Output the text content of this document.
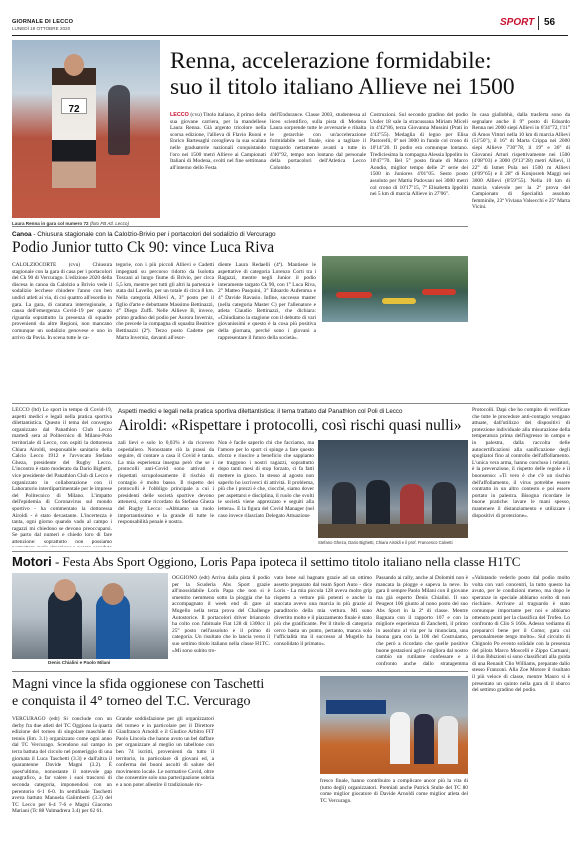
GIORNALE DI LECCO
LUNEDÌ 19 OTTOBRE 2020
SPORT 56
72
Laura Renna in gara col numero 72 (foto FB Atl. Lecco)
Renna, accelerazione formidabile:
suo il titolo italiano Allieve nei 1500
LECCO (cvu) Titolo italiano, il primo della sua giovane carriera, per la mandellese Laura Renna. Già argento tricolore nella scorsa edizione, l'allieva di Flavio Ruoni e Enrico Bartesaghi coroglieva la sua scalata nelle graduatorie nazionali conquistando l'oro nei 1500 metri Allieve ai Campionati Italiani di Modena, svolti nel fine settimana all'interno dello Festa
dell'Endurance. Classe 2003, studentessa al liceo scientifico, sulla pista di Modena Laura sorprende tutte le avversarie e ribalta le gerarchie con un'accelerazione formidabile nel finale, sino a tagliare il traguardo nettamente avanti a tutte in 4'40"92, tempo non lontano dal personale della portacolori dell'Atletica Lecco Colombo
Costruzioni. Sul secondo gradino del podio Under 18 sale la stracussana Miriam Miceli in 4'42"86, terza Giovanna Mussini (Prati in 4'43"55). Medaglia di legno per Elisa Pastorelli, 6ª nei 3000 in fundo col crono di 10'14"20. Il podio era comunque lontano. Trediciesima la compagna Alessia Ippolito in 10'47"70. Bel 5° posto finale di Marco Aondio, miglior tempo delle 2ª serie dei 1500 in Juniores 4'01"05. Sesto posto assoluto per Mattia Padovani nei 3000 metri col crono di 10'17"15, 7ª Elisabetta Ippoliti nei 5 km di marcia Allieve in 27'06".
In casa giallobhù, dalla trasferta sono da segnalare anche il 9° posto di Edoardo Renna nei 2000 siepi Allievi in 6'34"72, l'11° di Amos Vittori nella 10 km di marcia Allievi (51'50"), il 16° di Marta Crippa nei 2000 siepi Allieve 7'30"78, il 19° e 36° di Giovanni Arturi rispettivamente nei 1500 (4'08"03) e 3000 (9'13"28) metri Allievi, il 22° di Ismet Pula nei 1500 m Allievi (4'09"65) e il 28° di Konjosreh Maggi nei 3000 Allievi (8'59"55). Nella 10 km di marcia valevole per la 2ª prova del Campionato di Specialità assoluto femminile, 23ª Viviana Valsecchi e 25ª Marta Vicini.
Canoa - Chiusura stagionale con la Calolzio-Brivio per i portacolori del sodalizio di Vercurago
Podio Junior tutto Ck 90: vince Luca Riva
CALOLZIOCORTE (cvu) Chiusura stagionale con la gara di casa per i portacolori del Ck 90 di Vercurago. L'edizione 2020 della discesa in canoa da Calolzio a Brivio vede il sodalizio lecchese chiudere l'anno con ben undici atleti ai via, di cui quattro all'esordio in gara. La gara, di caratura interregionale, a causa dell'emergenza Covid-19 per quanto riguarda soprattutto la presenza di squadre provenienti da altre Regioni, non mancano comunque un sodalizio genovese e uno in arrivo da Pavia. In scena tutte le ca-
tegorie, con i più piccoli Allievi e Cadetti impegnati su percorso ridotto da Isolotta Toscani al lungo fiume di Brivio, per circa 5,5 km, mentre per tutti gli altri la partenza è stata dal Lavello, per un totale di circa 8 km. Nella categoria Allievi A, 3° posto per il figlio d'arte e debuttante Massimo Bettinazzi, 4° Diego Zuffi. Nelle Allieve B, invece, primo gradino del podio per Aurora Inverniz, che precede la compagna di squadra Beatrice Bettinazzi (2ª). Terzo posto Cadette per Marta Inverniz, davanti all'esor-
diente Laura Redaelli (4ª). Mantiene le aspettative di categoria Lorenzo Corti tra i Ragazzi, mentre negli Junior il podio interamente targato Ck 90, con 1° Luca Riva, 2° Matteo Pasquini, 3° Edoardo Aufemma e 4° Davide Ravasio. Infine, successo master (nella categoria Master C) per l'allenatore e atleta Claudio Bettinazzi, che dichiara: «Chiudiamo la stagione con il debutto di vari giovanissimi e questo è la cosa più positiva della giornata, perché sono i giovani a rappresentare il futuro della società».
LECCO (ltd) Lo sport in tempo di Covid-19, aspetti medici e legali nella pratica sportiva dilettantistica. Questo il tema del convegno organizzato dal Panathlon Club Lecco martedì sera al Politecnico di Milano-Polo territoriale di Lecco, con ospiti la dottoressa Chiara Airoldi, responsabile sanitario della Calcio Lecco 1912 e l'avvocato Stefano Gheza, presidente del Rugby Lecco. L'incontro è stato moderato da Dario Bighetti, vice presidente del Panathlon Club di Lecco e organizzato in collaborazione con il Laboratorio interdipartimentale per le imprese del Politecnico di Milano. L'impatto dell'epidemia di Coronavirus sul mondo sportivo - ha commentato la dottoressa Airoldi - è stato devastante. L'incertezza è tanta, ogni giorno quando vado al campo i ragazzi mi chiedono se devono preoccuparsi. Se parto dal numeri e chiedo loro di fare attenzione: soprattutto non possiamo
Aspetti medici e legali nella pratica sportiva dilettantistica: il tema trattato dal Panathlon col Poli di Lecco
Airoldi: «Rispettare i protocolli, così rischi quasi nulli»
zali lievi e solo lo 0,03% è da ricovero ospedaliero. Nonostante ciò la prassi da seguire, di contare a casa il Covid è tanta. La mia esperienza insegna però che se i protocolli anti-Covid sono attivati e rispettati scrupolosamente il rischio di contagio è molto basso. Il rispetto dei protocolli è l'obbligo principale a cui i presidenti delle società sportive devono attenersi, come ricordato da Stefano Gheza del Rugby Lecco: «Abbiamo un ruolo importantissimo e la grande di tutte le responsabilità penale è nostra.
Non è facile saperlo chi che facciamo, ma l'amore per lo sport ci spinge a fare questo sforzo e riuscire a beneficio che sappiamo ne traggono i nostri ragazzi, soprattutto dopo tanti mesi di stop forzato, ci fa fatti mettere in gioco. In stesso al agosto non saperlo ho iscriverci di attività. Il problema, più che i prezzi è che, ciocché, siamo dover per aspettarsi e disciplina, il ruolo che svolti le società viene apprezzato e seguiti alla lettera». E la figura del Covid Manager (nel caso invece rilasciato Delegato Attuazione
Stefano Gheza, Dario Bighetti, Chiara Airoldi e il prof. Francesco Calvetti
Protocolli. Dapi che ho compito di verificare che tutte le procedure anti-contagio vengano attuate, dall'utilizzo dei dispositivi di protezione individuale alla misurazione della temperatura prima dell'ingresso in campo e in palestra, dalla raccolta delle autocertificazioni alla sanificazione degli spogliatoi fino al controllo dell'affollamento. L'unica vera arma, hanno concluso i relatori, è la prevenzione, il rispetto delle regole e il buonsenso: «Ti vero è che c'è un rischio dell'affollamento, il virus potrebbe essere contratto in un altro contesto e poi essere portato in palestra. Bisogna ricordare le buone pratiche: lavare le mani spesso, mantenere il distanziamento e utilizzare i dispositivi di protezione».
Motori - Festa Abs Sport Oggiono, Loris Papa ipoteca il settimo titolo italiano nella classe H1TC
Denis Chialini e Paolo Milani
OGGIONO (edt) Arriva dalla pista il podio per la Scuderia Abs Sport grazie all'inossidabile Loris Papa che non si è smentito nemmeno sotto la pioggia che ha accompagnato il week end di gare al Mugello nella terza prova del Challenge Autostorice. Il portacolori driver brianzolo ha colto con l'abituale Fiat 128 di 1300cc il 25° posto nell'assoluto e il primo di categoria. Un risultato che lo lancia verso il suo settimo titolo italiano nella classe H1TC. «Mi sono subito tro-
vato bene sul bagnato grazie ad un ottimo assetto preparato dal team Sport Auto - dice Loris - La mia piccola 128 aveva molto grip rispetto a vetture più potenti e anche la staccata avevo una marcia in più grazie al paraditorio della mia vettura. Mi sono divertito molto e il piazzamento finale è stato più che gratificante. Per il titolo di categoria cerco basta un punto, pertanto, manca solo l'ufficialità ma il successo al Mugello ha consolidato il primato».
Passando ai rally, anche al Dolomiti non è mancata la plogge e sapeva la neve. In gara il sempre Paolo Milani con il giovane ma già esperto Denis Chialini. Il suo Peugeot 106 giunto al nono posto del suo Abs Sport in la 2ª di classe. Mentre Bagnara con il rapporto 107 e con la migliore esperienza di Zanchetti, il primo in assoluto al via per la rinunciata, una buona gara con la 106 del Costruiamo, che però a ricordato che quelle positive buone gestazioni agli e migliora dal nostro cambio un rutilante confessare e a confronto anche dallo stratagemma
«Valutando vederlo posto dal podio molto volta con vari concentri, la tutto questo ha avuto, per le condizioni meteo, ma dopo le speranze in speciale abbiamo scelto di non rischiare. Arrivare al traguardo è stato comunque importante per noi e abbiamo ottenuto punti per la classifica del Trofeo. Lo confronto di Clio S 160s. Adesso vediamo di prepararci bene per il Como; gara cui personalmente tengo molto». Sul circuito di Chignolo Po evento solidale con la presenza del pilota Marco Moscelli e Zippo Cartuani; il duo Bduzioni si sono classificati alla guida di una Renault Clio Williams, preparate dallo stesso Franzoni. Alla Zoe Motore il risultato il più veloce di classe, mentre Mauro si è presentato un quinto nella gara di il sbarco del settimo gradino del podio.
Magni vince la sfida oggionese con Taschetti
e conquista il 4° torneo del T.C. Vercurago
VERCURAGO (edt) Si conclude con un derby fra due atleti del TC Oggiono la quarta edizione del torneo di singolare maschile di tennis (lim. 3.1) organizzato come ogni anno dal TC Vercurago. Scendono sul campo in terra battuta del circolo nel pomeriggio di una giornata il Luca Taschetti (3.3) e dall'altra il quarantenne Davide Magni (3.2). È quest'ultimo, nonostante il notevole gap anagrafico, a far valere i suoi trascorsi di seconda categoria, imponendosi con un perentorio 6-1 6-0. In semifinale Taschetti aveva battuto Manuela Galimberti (3.3) del TC Lecco per 6-4 7-6 e Magni Giacomo Mariani (Tc 88 Valmadrera 3.4) per 62 61.
Grande soddisfazione per gli organizzatori del torneo e in particolare per il Direttore Gianfranco Arnoldi e il Giudice Arbitro FIT Paolo Lincola che hanno avuto un bel daffare per organizzare al meglio un tabellone con ben 74 iscritti, provenienti da tutto il territorio, in particolare di giovani ed, a conferma dei buoni ascolti di salute del movimento locale. Le normative Covid, oltre che consentire solo una partecipazione sobria e a non poter allestire il tradizionale rin-
fresco finale, hanno contribuito a complicare ancor più la vita di (tutto degli) organizzatori. Premiati anche Patrick Stulte del TC 80 come miglior giocatore di Davide Arnoldi come miglior atleta del TC Vercurago.
